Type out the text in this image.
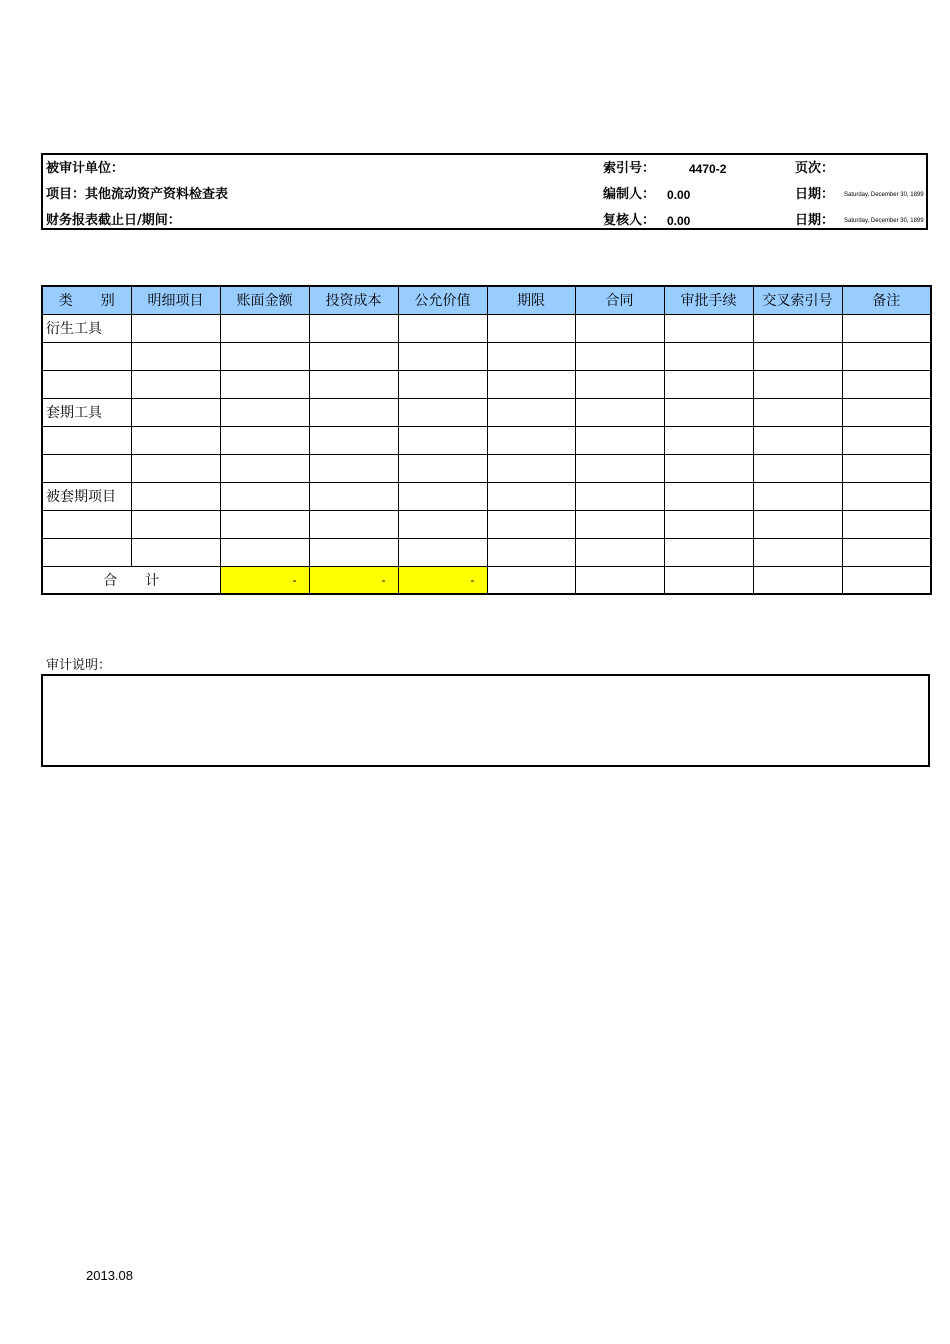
被审计单位：	索引号：	4470-2	页次：
项目：其他流动资产资料检查表	编制人： 0.00	日期： Saturday, December 30, 1899
财务报表截止日/期间：	复核人： 0.00	日期： Saturday, December 30, 1899
类　　别	明细项目	账面金额	投资成本	公允价值	期限	合同	审批手续	交叉索引号	备注
衍生工具									

套期工具									

被套期项目									

合　　计		-	-	-					
审计说明：
2013.08
